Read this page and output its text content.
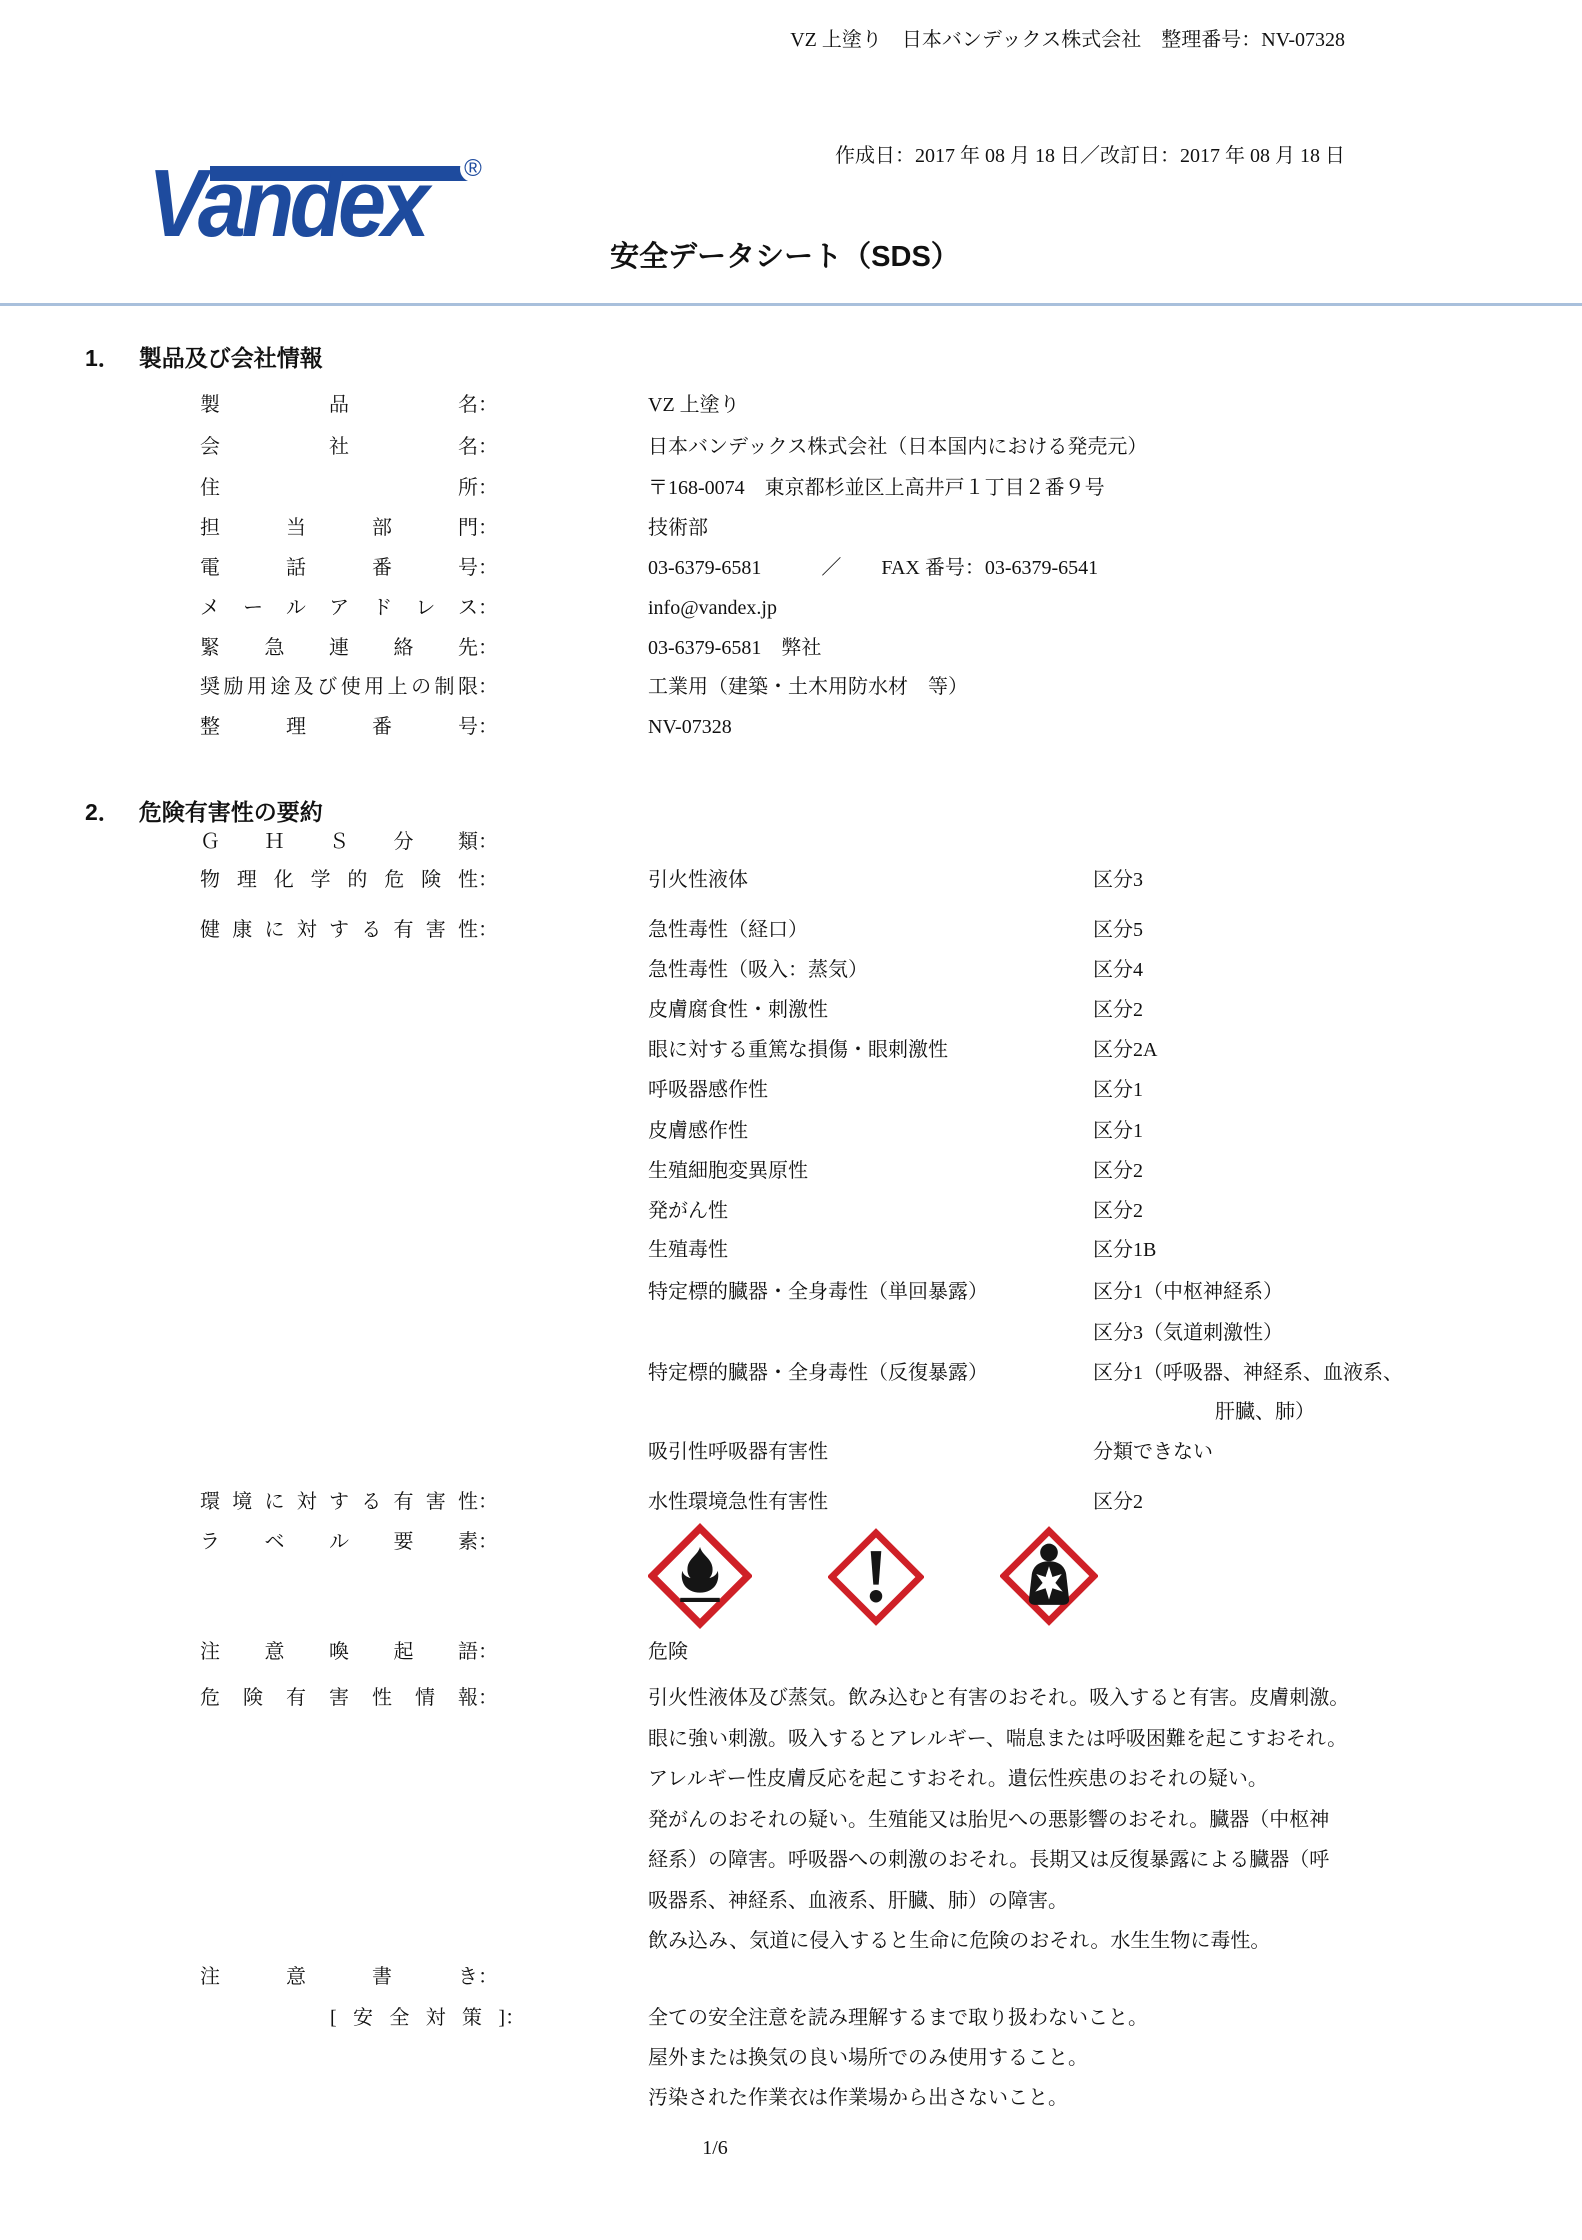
VZ 上塗り　日本バンデックス株式会社　整理番号：NV-07328
®
Vandex	作成日：2017 年 08 月 18 日／改訂日：2017 年 08 月 18 日
安全データシート（SDS）
1． 製品及び会社情報
製品名：	VZ 上塗り
会社名：	日本バンデックス株式会社（日本国内における発売元）
住所：	〒168-0074　東京都杉並区上高井戸１丁目２番９号
担当部門：	技術部
電話番号：	03-6379-6581　　　／　　FAX 番号：03-6379-6541
メールアドレス：	info@vandex.jp
緊急連絡先：	03-6379-6581　弊社
奨励用途及び使用上の制限：	工業用（建築・土木用防水材　等）
整理番号：	NV-07328
2． 危険有害性の要約
ＧＨＳ分類：
物理化学的危険性：	引火性液体	区分3
健康に対する有害性：	急性毒性（経口）	区分5
急性毒性（吸入：蒸気）	区分4
皮膚腐食性・刺激性	区分2
眼に対する重篤な損傷・眼刺激性	区分2A
呼吸器感作性	区分1
皮膚感作性	区分1
生殖細胞変異原性	区分2
発がん性	区分2
生殖毒性	区分1B
特定標的臓器・全身毒性（単回暴露）	区分1（中枢神経系）
区分3（気道刺激性）
特定標的臓器・全身毒性（反復暴露）	区分1（呼吸器、神経系、血液系、
肝臓、肺）
吸引性呼吸器有害性	分類できない
環境に対する有害性：	水性環境急性有害性	区分2
ラベル要素：
注意喚起語：	危険
危険有害性情報：	引火性液体及び蒸気。飲み込むと有害のおそれ。吸入すると有害。皮膚刺激。
眼に強い刺激。吸入するとアレルギー、喘息または呼吸困難を起こすおそれ。
アレルギー性皮膚反応を起こすおそれ。遺伝性疾患のおそれの疑い。
発がんのおそれの疑い。生殖能又は胎児への悪影響のおそれ。臓器（中枢神
経系）の障害。呼吸器への刺激のおそれ。長期又は反復暴露による臓器（呼
吸器系、神経系、血液系、肝臓、肺）の障害。
飲み込み、気道に侵入すると生命に危険のおそれ。水生生物に毒性。
注意書き：
[安全対策]：	全ての安全注意を読み理解するまで取り扱わないこと。
屋外または換気の良い場所でのみ使用すること。
汚染された作業衣は作業場から出さないこと。
1/6
